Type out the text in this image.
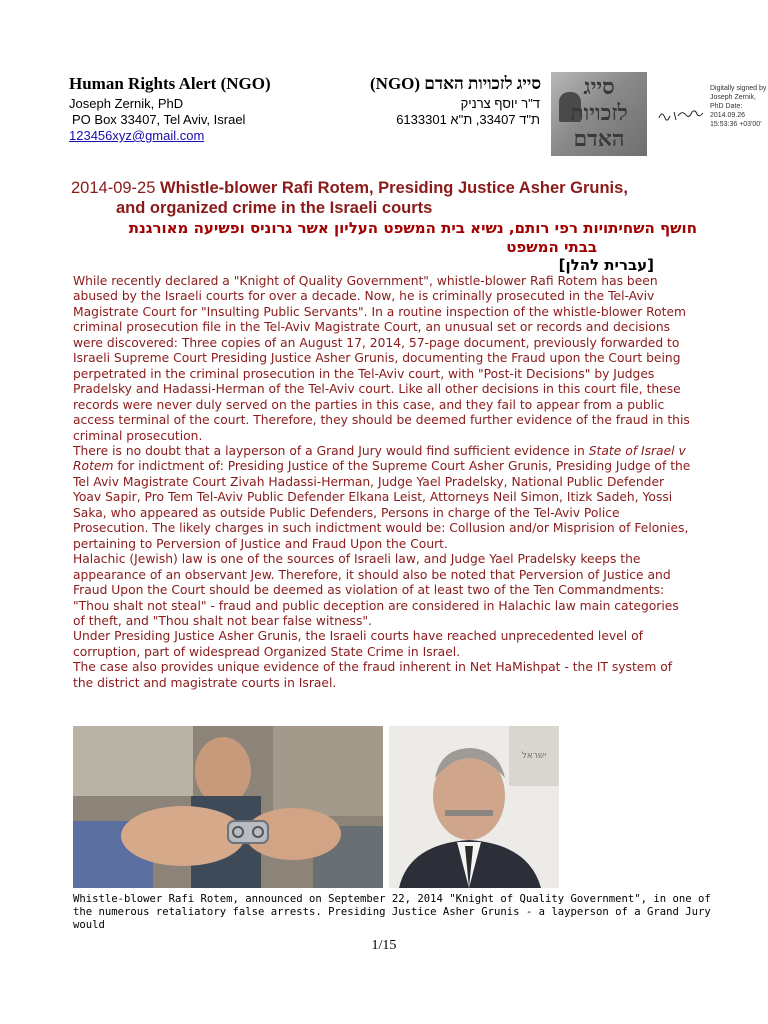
Human Rights Alert (NGO)	(NGO) סייג לזכויות האדם
Joseph Zernik, PhD	ד"ר יוסף צרניק
PO Box 33407, Tel Aviv, Israel	ת"ד 33407, ת"א 6133301
123456xyz@gmail.com
סייג
לזכויות
האדם
Digitally signed by Joseph Zernik, PhD Date: 2014.09.26 15:53:36 +03'00'
2014-09-25 Whistle-blower Rafi Rotem, Presiding Justice Asher Grunis,
and organized crime in the Israeli courts
חושף השחיתויות רפי רותם, נשיא בית המשפט העליון אשר גרוניס ופשיעה מאורגנת
בבתי המשפט
[עברית להלן]

While recently declared a "Knight of Quality Government", whistle-blower Rafi Rotem has been abused by the Israeli courts for over a decade. Now, he is criminally prosecuted in the Tel-Aviv Magistrate Court for "Insulting Public Servants". In a routine inspection of the whistle-blower Rotem criminal prosecution file in the Tel-Aviv Magistrate Court, an unusual set or records and decisions were discovered: Three copies of an August 17, 2014, 57-page document, previously forwarded to Israeli Supreme Court Presiding Justice Asher Grunis, documenting the Fraud upon the Court being perpetrated in the criminal prosecution in the Tel-Aviv court, with "Post-it Decisions" by Judges Pradelsky and Hadassi-Herman of the Tel-Aviv court. Like all other decisions in this court file, these records were never duly served on the parties in this case, and they fail to appear from a public access terminal of the court. Therefore, they should be deemed further evidence of the fraud in this criminal prosecution.

There is no doubt that a layperson of a Grand Jury would find sufficient evidence in State of Israel v Rotem for indictment of: Presiding Justice of the Supreme Court Asher Grunis, Presiding Judge of the Tel Aviv Magistrate Court Zivah Hadassi-Herman, Judge Yael Pradelsky, National Public Defender Yoav Sapir, Pro Tem Tel-Aviv Public Defender Elkana Leist, Attorneys Neil Simon, Itizk Sadeh, Yossi Saka, who appeared as outside Public Defenders, Persons in charge of the Tel-Aviv Police Prosecution. The likely charges in such indictment would be: Collusion and/or Misprision of Felonies, pertaining to Perversion of Justice and Fraud Upon the Court.

Halachic (Jewish) law is one of the sources of Israeli law, and Judge Yael Pradelsky keeps the appearance of an observant Jew. Therefore, it should also be noted that Perversion of Justice and Fraud Upon the Court should be deemed as violation of at least two of the Ten Commandments: "Thou shalt not steal" - fraud and public deception are considered in Halachic law main categories of theft, and "Thou shalt not bear false witness".

Under Presiding Justice Asher Grunis, the Israeli courts have reached unprecedented level of corruption, part of widespread Organized State Crime in Israel.

The case also provides unique evidence of the fraud inherent in Net HaMishpat - the IT system of the district and magistrate courts in Israel.

ישראל
Whistle-blower Rafi Rotem, announced on September 22, 2014 "Knight of Quality Government", in one of the numerous retaliatory false arrests. Presiding Justice Asher Grunis - a layperson of a Grand Jury would
1/15
